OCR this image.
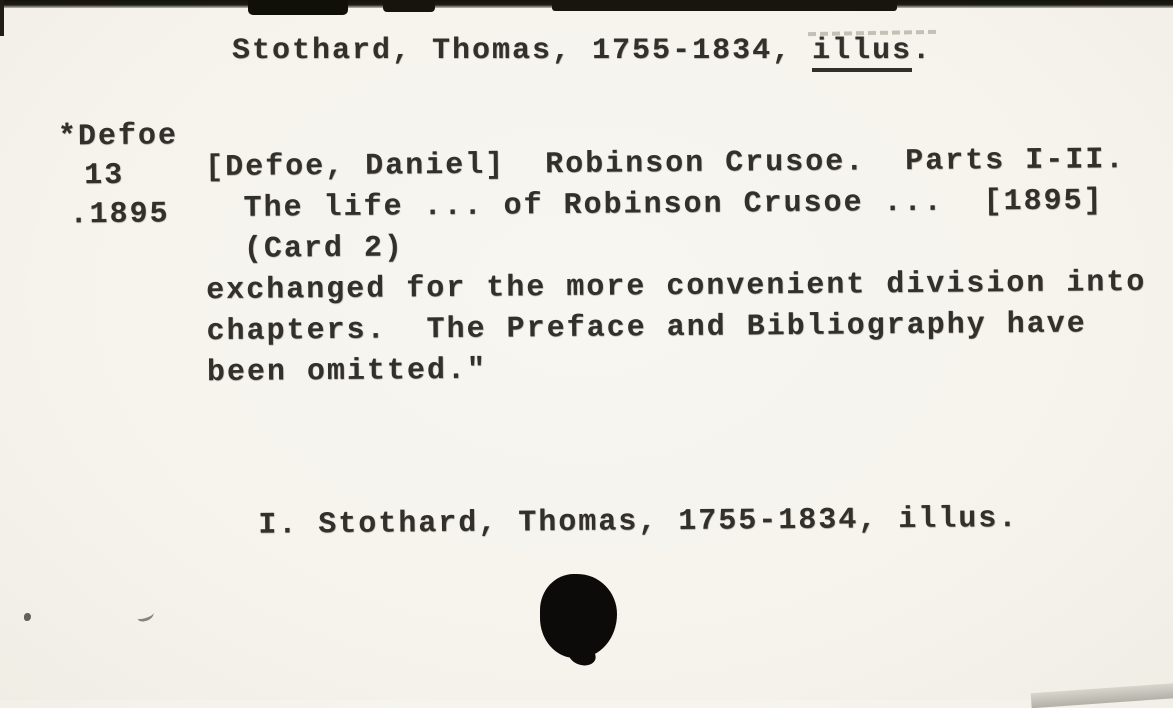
Stothard, Thomas, 1755-1834, illus.
*Defoe
13
.1895
[Defoe, Daniel]  Robinson Crusoe.  Parts I-II.
The life ... of Robinson Crusoe ...  [1895]
(Card 2)
exchanged for the more convenient division into
chapters.  The Preface and Bibliography have
been omitted."
I. Stothard, Thomas, 1755-1834, illus.
